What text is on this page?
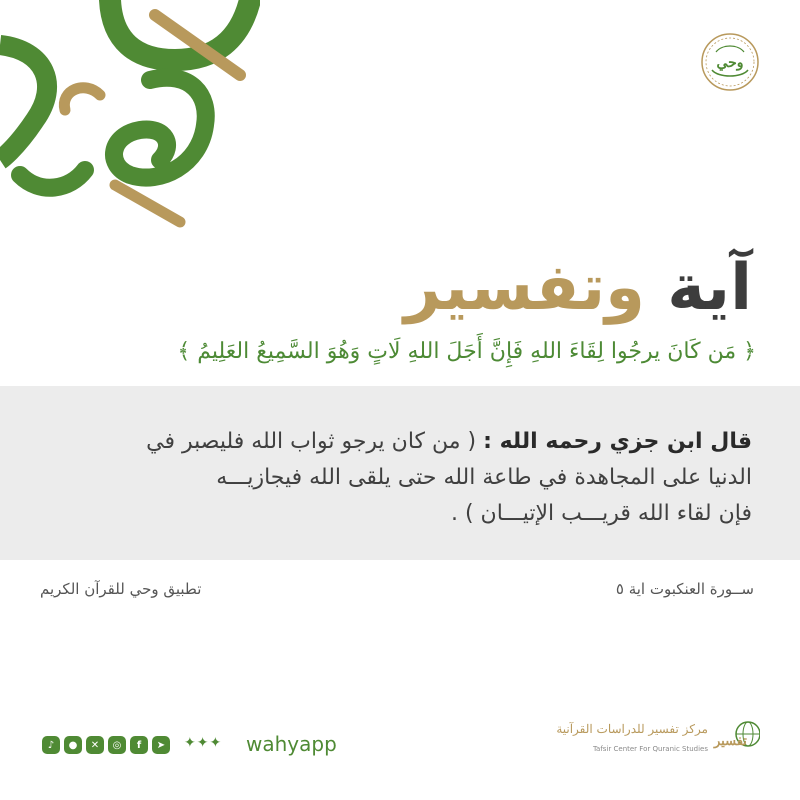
وحي
آية وتفسير
﴿ مَن كَانَ يرجُوا لِقَاءَ اللهِ فَإِنَّ أَجَلَ اللهِ لَاتٍ وَهُوَ السَّمِيعُ العَلِيمُ ﴾
قال ابن جزي رحمه الله : ( من كان يرجو ثواب الله فليصبر في
الدنيا على المجاهدة في طاعة الله حتى يلقى الله فيجازيـــه
فإن لقاء الله قريـــب الإتيـــان ) .
ســورة العنكبوت اية ٥
تطبيق وحي للقرآن الكريم
♪	●	✕	◎	f	➤	✦✦✦ wahyapp	تفسير
مركز تفسير للدراسات القرآنية
Tafsir Center For Quranic Studies
